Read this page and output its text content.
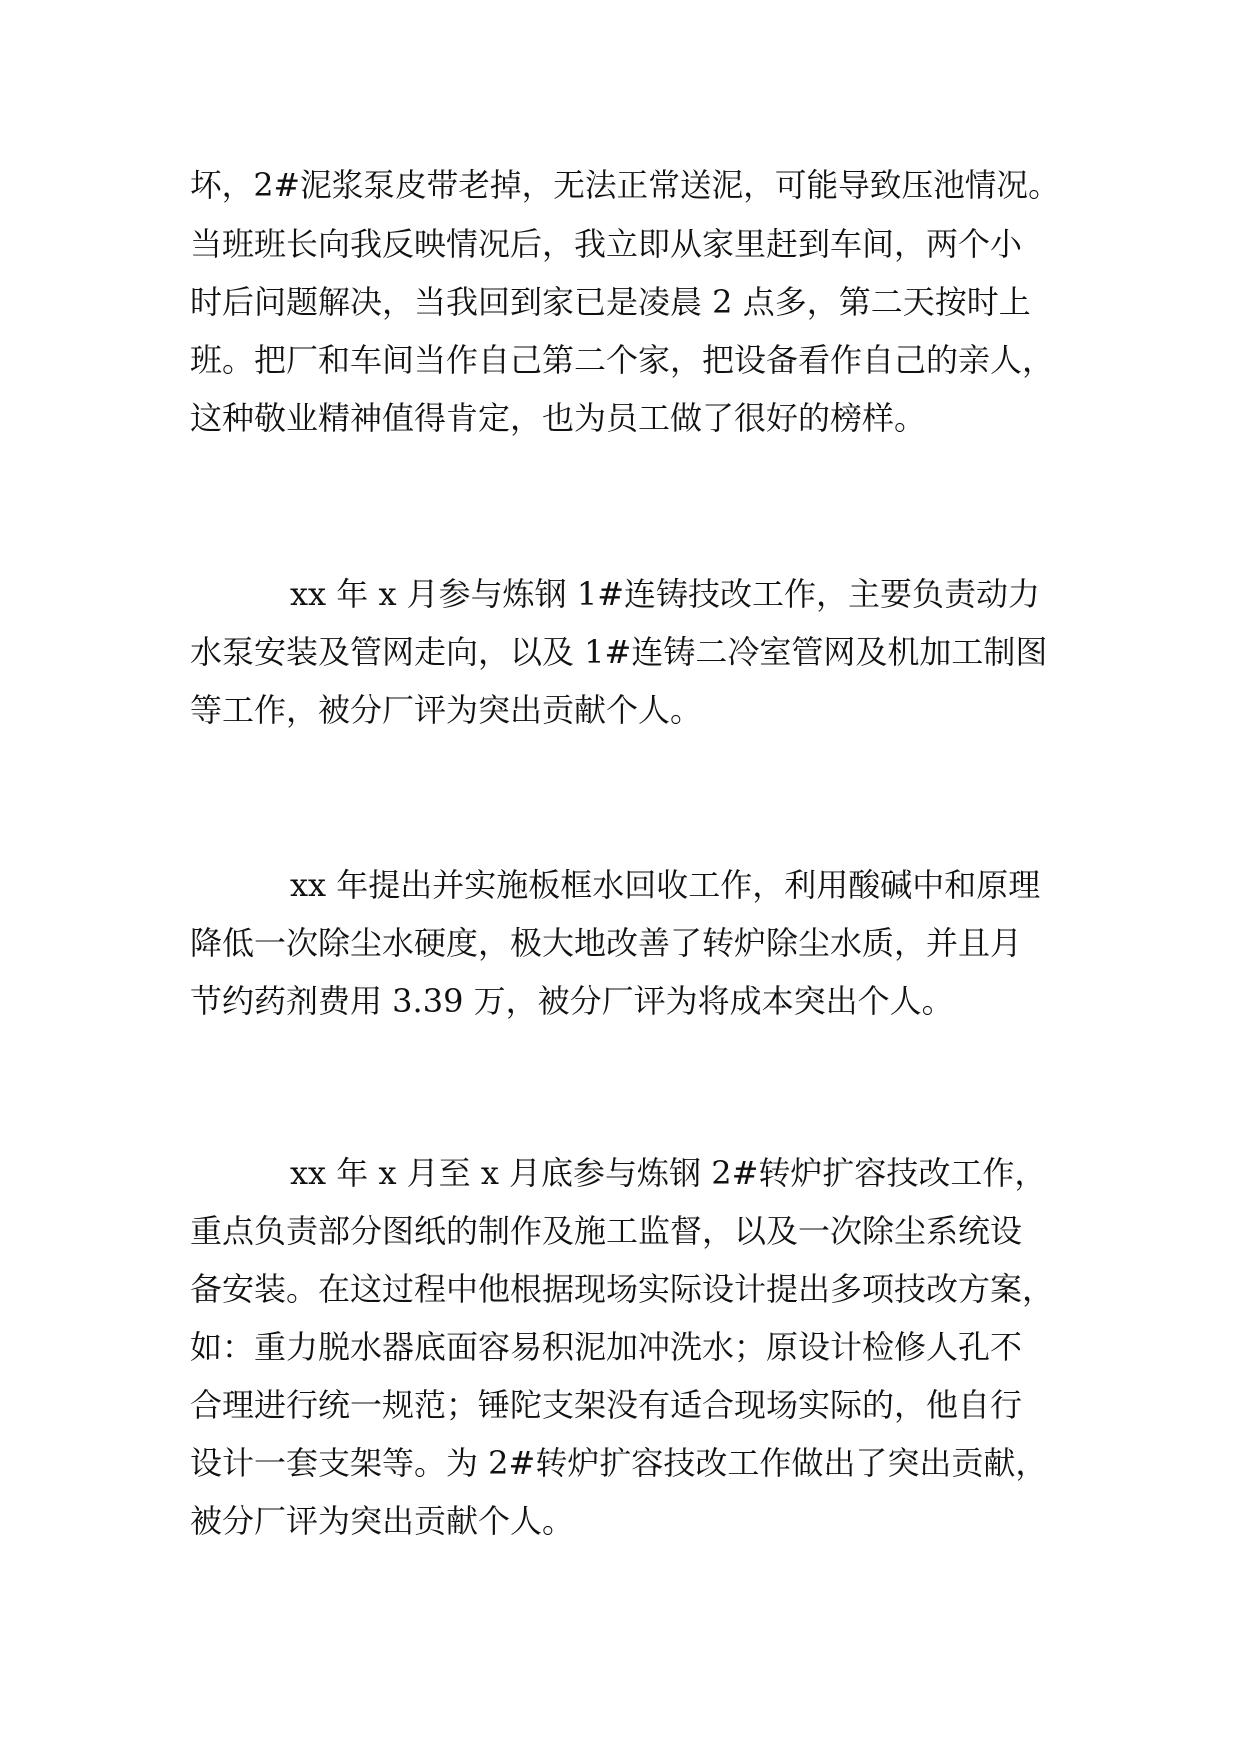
坏，2#泥浆泵皮带老掉，无法正常送泥，可能导致压池情况。
当班班长向我反映情况后，我立即从家里赶到车间，两个小
时后问题解决，当我回到家已是凌晨 2 点多，第二天按时上
班。把厂和车间当作自己第二个家，把设备看作自己的亲人，
这种敬业精神值得肯定，也为员工做了很好的榜样。
xx 年 x 月参与炼钢 1#连铸技改工作，主要负责动力
水泵安装及管网走向，以及 1#连铸二冷室管网及机加工制图
等工作，被分厂评为突出贡献个人。
xx 年提出并实施板框水回收工作，利用酸碱中和原理
降低一次除尘水硬度，极大地改善了转炉除尘水质，并且月
节约药剂费用 3.39 万，被分厂评为将成本突出个人。
xx 年 x 月至 x 月底参与炼钢 2#转炉扩容技改工作，
重点负责部分图纸的制作及施工监督，以及一次除尘系统设
备安装。在这过程中他根据现场实际设计提出多项技改方案，
如：重力脱水器底面容易积泥加冲洗水；原设计检修人孔不
合理进行统一规范；锤陀支架没有适合现场实际的，他自行
设计一套支架等。为 2#转炉扩容技改工作做出了突出贡献，
被分厂评为突出贡献个人。
